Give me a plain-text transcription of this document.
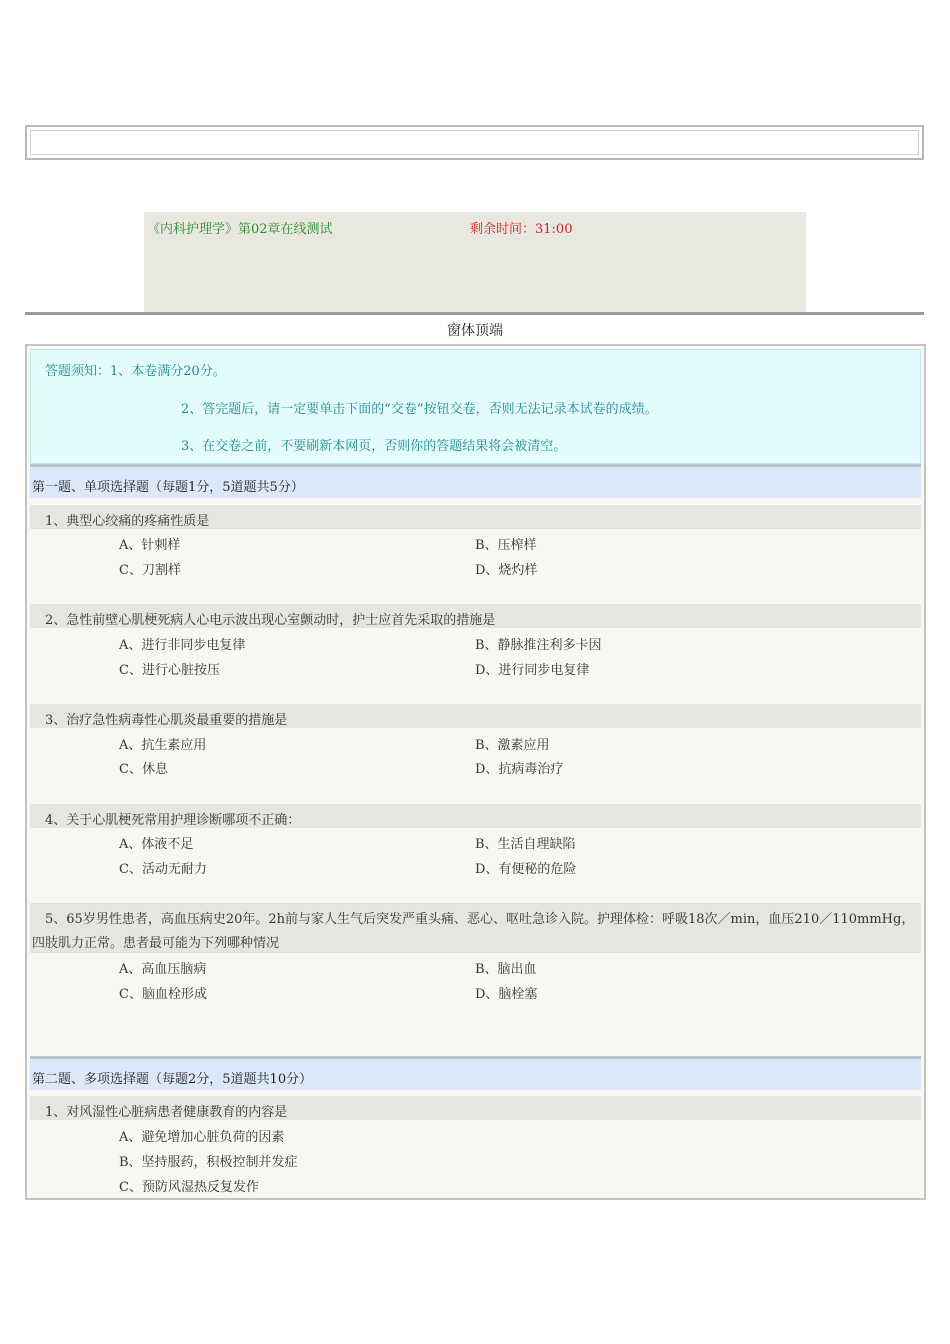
《内科护理学》第02章在线测试	剩余时间：31:00
窗体顶端
答题须知：1、本卷满分20分。
2、答完题后，请一定要单击下面的“交卷”按钮交卷，否则无法记录本试卷的成绩。
3、在交卷之前，不要刷新本网页，否则你的答题结果将会被清空。
第一题、单项选择题（每题1分，5道题共5分）
1、典型心绞痛的疼痛性质是
A、针刺样	B、压榨样
C、刀割样	D、烧灼样
2、急性前壁心肌梗死病人心电示波出现心室颤动时，护士应首先采取的措施是
A、进行非同步电复律	B、静脉推注利多卡因
C、进行心脏按压	D、进行同步电复律
3、治疗急性病毒性心肌炎最重要的措施是
A、抗生素应用	B、激素应用
C、休息	D、抗病毒治疗
4、关于心肌梗死常用护理诊断哪项不正确：
A、体液不足	B、生活自理缺陷
C、活动无耐力	D、有便秘的危险
5、65岁男性患者，高血压病史20年。2h前与家人生气后突发严重头痛、恶心、呕吐急诊入院。护理体检：呼吸18次／min，血压210／110mmHg，四肢肌力正常。患者最可能为下列哪种情况
A、高血压脑病	B、脑出血
C、脑血栓形成	D、脑栓塞
第二题、多项选择题（每题2分，5道题共10分）
1、对风湿性心脏病患者健康教育的内容是
A、避免增加心脏负荷的因素
B、坚持服药，积极控制并发症
C、预防风湿热反复发作
